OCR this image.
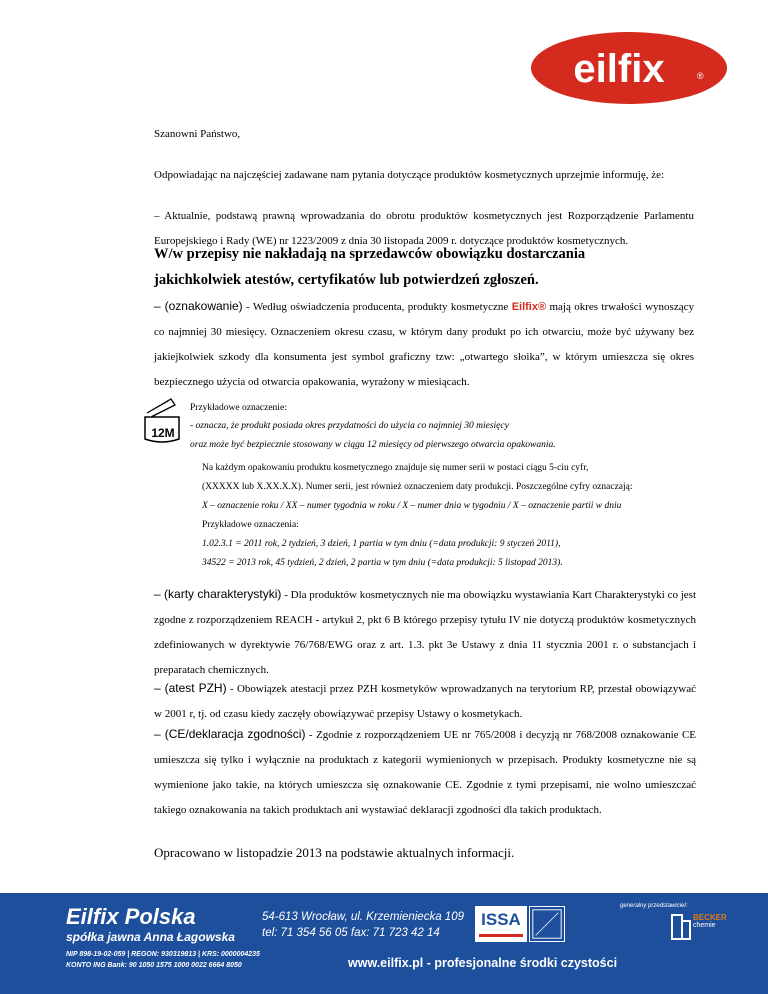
eilfix	®

Szanowni Państwo,

Odpowiadając na najczęściej zadawane nam pytania dotyczące produktów kosmetycznych uprzejmie informuję, że:

– Aktualnie, podstawą prawną wprowadzania do obrotu produktów kosmetycznych jest Rozporządzenie Parlamentu Europejskiego i Rady (WE) nr 1223/2009 z dnia 30 listopada 2009 r. dotyczące produktów kosmetycznych.

W/w przepisy nie nakładają na sprzedawców obowiązku dostarczania

jakichkolwiek atestów, certyfikatów lub potwierdzeń zgłoszeń.

– (oznakowanie) - Według oświadczenia producenta, produkty kosmetyczne Eilfix® mają okres trwałości wynoszący co najmniej 30 miesięcy. Oznaczeniem okresu czasu, w którym dany produkt po ich otwarciu, może być używany bez jakiejkolwiek szkody dla konsumenta jest symbol graficzny tzw: „otwartego słoika”, w którym umieszcza się okres bezpiecznego użycia od otwarcia opakowania, wyrażony w miesiącach.

12M

Przykładowe oznaczenie:

- oznacza, że produkt posiada okres przydatności do użycia co najmniej 30 miesięcy

oraz może być bezpiecznie stosowany w ciągu 12 miesięcy od pierwszego otwarcia opakowania.

Na każdym opakowaniu produktu kosmetycznego znajduje się numer serii w postaci ciągu 5-ciu cyfr,

(XXXXX lub X.XX.X.X). Numer serii, jest również oznaczeniem daty produkcji. Poszczególne cyfry oznaczają:

X – oznaczenie roku / XX – numer tygodnia w roku / X – numer dnia w tygodniu / X – oznaczenie partii w dniu

Przykładowe oznaczenia:

1.02.3.1 = 2011 rok, 2 tydzień, 3 dzień, 1 partia w tym dniu (=data produkcji: 9 styczeń 2011),

34522 = 2013 rok, 45 tydzień, 2 dzień, 2 partia w tym dniu (=data produkcji: 5 listopad 2013).

– (karty charakterystyki) - Dla produktów kosmetycznych nie ma obowiązku wystawiania Kart Charakterystyki co jest zgodne z rozporządzeniem REACH - artykuł 2, pkt 6 B którego przepisy tytułu IV nie dotyczą produktów kosmetycznych zdefiniowanych w dyrektywie 76/768/EWG oraz z art. 1.3. pkt 3e Ustawy z dnia 11 stycznia 2001 r. o substancjach i preparatach chemicznych.

– (atest PZH) - Obowiązek atestacji przez PZH kosmetyków wprowadzanych na terytorium RP, przestał obowiązywać w 2001 r, tj. od czasu kiedy zaczęły obowiązywać przepisy Ustawy o kosmetykach.

– (CE/deklaracja zgodności) - Zgodnie z rozporządzeniem UE nr 765/2008 i decyzją nr 768/2008 oznakowanie CE umieszcza się tylko i wyłącznie na produktach z kategorii wymienionych w przepisach. Produkty kosmetyczne nie są wymienione jako takie, na których umieszcza się oznakowanie CE. Zgodnie z tymi przepisami, nie wolno umieszczać takiego oznakowania na takich produktach ani wystawiać deklaracji zgodności dla takich produktach.

Opracowano w listopadzie 2013 na podstawie aktualnych informacji.

Eilfix Polska
spółka jawna Anna Łagowska
54-613 Wrocław, ul. Krzemieniecka 109
tel: 71 354 56 05 fax: 71 723 42 14
NIP 898-19-02-059 | REGON: 930319813 | KRS: 0000004235
KONTO ING Bank: 90 1050 1575 1000 0022 6664 8050	www.eilfix.pl - profesjonalne środki czystości
ISSA
generalny przedstawiciel:
BECKER
chemie
